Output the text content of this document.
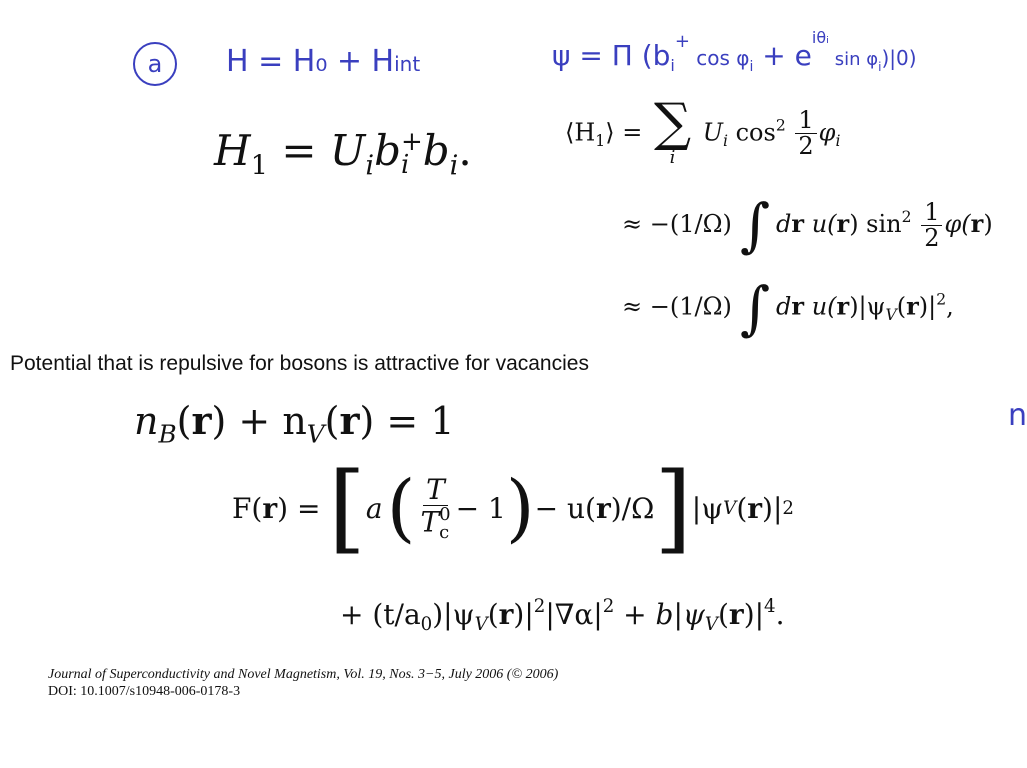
a H = H₀ + Hint	ψ = Π ($b_i^+$ $\cos \varphi_i + e^{i\theta ᵢ}$ $\sin \varphi_i)|0$)
n
$H_1 = U_ib$ +
i $b_i$.	$⟨H_1⟩$ = ∑
i
$U_i$ $\cos^2 \frac{1}{2} \varphi_i$
≈ −(1/Ω) ∫ dr u(r) $\sin^2 \frac{1}{2} \varphi(r)$
≈ −(1/Ω) ∫ dr $u(r)|\psi_V(r)|^2$,
Potential that is repulsive for bosons is attractive for vacancies
$n_B(r) + n_V(r) = 1$
F( r ) = [ a ( T
T 0
c − 1 ) − u( r )/Ω ] |ψ V ( r )| 2
+ $(t/a_0)|\psi_V(r)|^2|\nabla\alpha|^2 + b|\psi_V(r)|^4$.
Journal of Superconductivity and Novel Magnetism, Vol. 19, Nos. 3−5, July 2006 (© 2006)
DOI: 10.1007/s10948-006-0178-3
